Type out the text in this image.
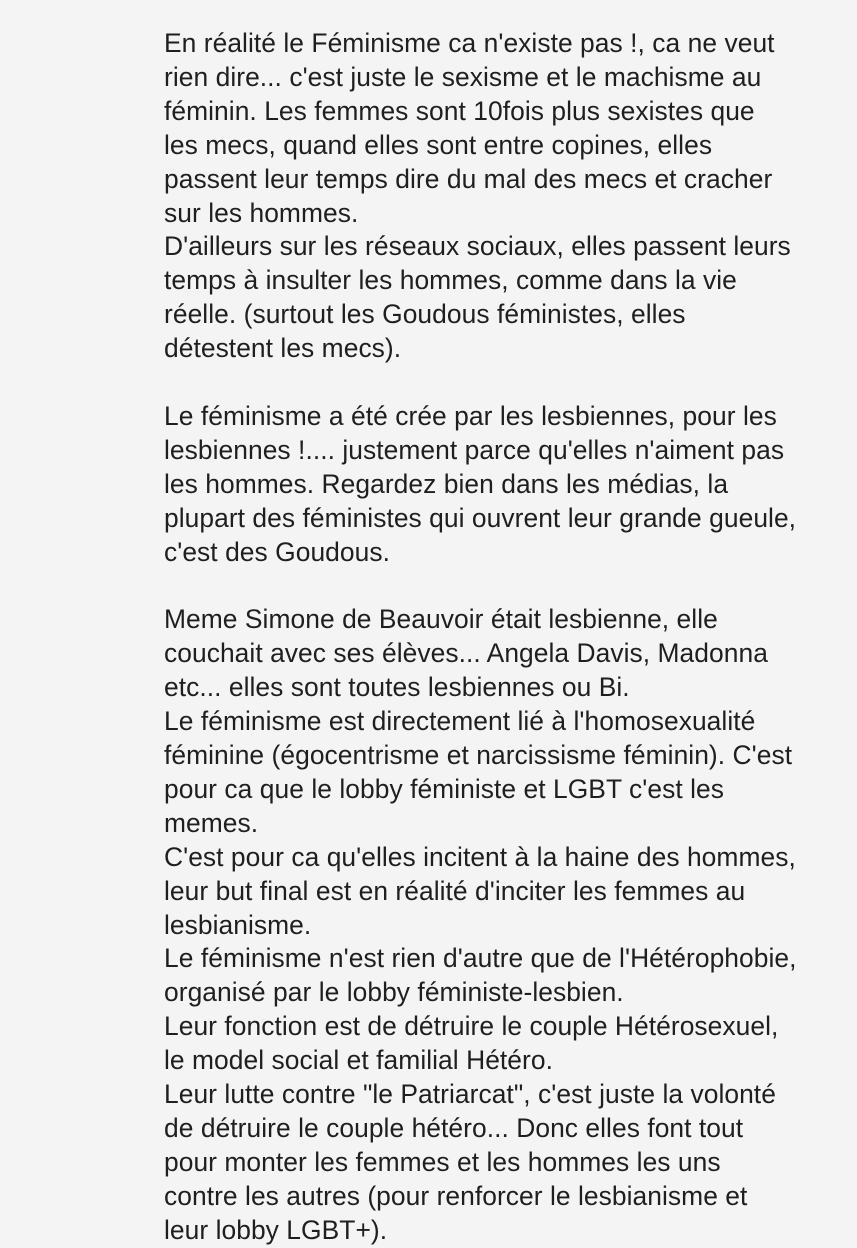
En réalité le Féminisme ca n'existe pas !, ca ne veut
rien dire... c'est juste le sexisme et le machisme au
féminin. Les femmes sont 10fois plus sexistes que
les mecs, quand elles sont entre copines, elles
passent leur temps dire du mal des mecs et cracher
sur les hommes.
D'ailleurs sur les réseaux sociaux, elles passent leurs
temps à insulter les hommes, comme dans la vie
réelle. (surtout les Goudous féministes, elles
détestent les mecs).
Le féminisme a été crée par les lesbiennes, pour les
lesbiennes !.... justement parce qu'elles n'aiment pas
les hommes. Regardez bien dans les médias, la
plupart des féministes qui ouvrent leur grande gueule,
c'est des Goudous.
Meme Simone de Beauvoir était lesbienne, elle
couchait avec ses élèves... Angela Davis, Madonna
etc... elles sont toutes lesbiennes ou Bi.
Le féminisme est directement lié à l'homosexualité
féminine (égocentrisme et narcissisme féminin). C'est
pour ca que le lobby féministe et LGBT c'est les
memes.
C'est pour ca qu'elles incitent à la haine des hommes,
leur but final est en réalité d'inciter les femmes au
lesbianisme.
Le féminisme n'est rien d'autre que de l'Hétérophobie,
organisé par le lobby féministe-lesbien.
Leur fonction est de détruire le couple Hétérosexuel,
le model social et familial Hétéro.
Leur lutte contre "le Patriarcat", c'est juste la volonté
de détruire le couple hétéro... Donc elles font tout
pour monter les femmes et les hommes les uns
contre les autres (pour renforcer le lesbianisme et
leur lobby LGBT+).
